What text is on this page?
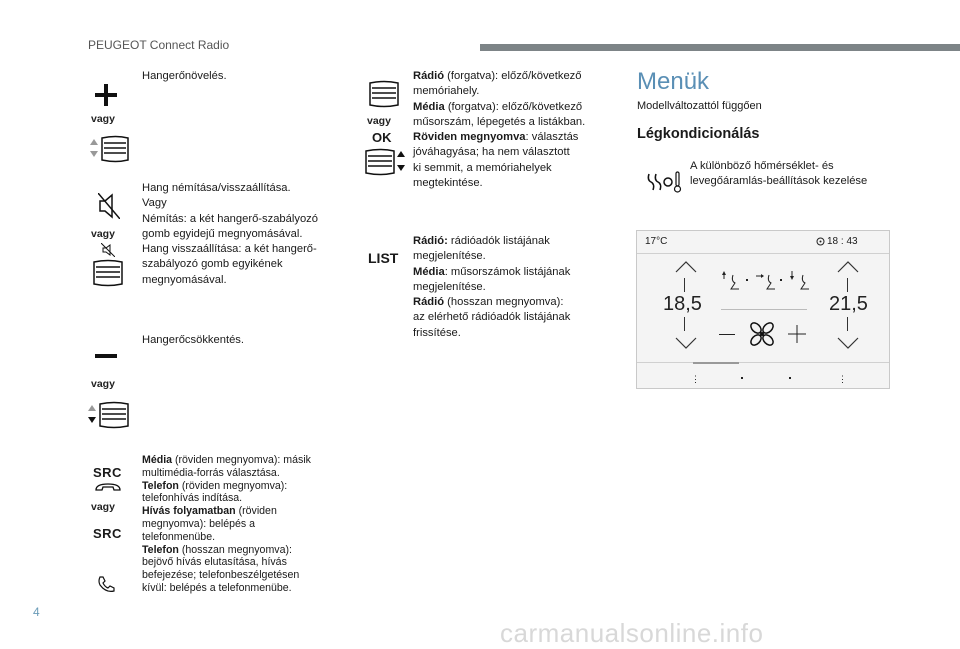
PEUGEOT Connect Radio
vagy
Hangerőnövelés.
vagy
Hang némítása/visszaállítása.
Vagy
Némítás: a két hangerő-szabályozó
gomb egyidejű megnyomásával.
Hang visszaállítása: a két hangerő-
szabályozó gomb egyikének
megnyomásával.
vagy
Hangerőcsökkentés.
SRC
vagy
SRC
Média (röviden megnyomva): másik
multimédia-forrás választása.
Telefon (röviden megnyomva):
telefonhívás indítása.
Hívás folyamatban (röviden
megnyomva): belépés a
telefonmenübe.
Telefon (hosszan megnyomva):
bejövő hívás elutasítása, hívás
befejezése; telefonbeszélgetésen
kívül: belépés a telefonmenübe.
vagy
OK
Rádió (forgatva): előző/következő
memóriahely.
Média (forgatva): előző/következő
műsorszám, lépegetés a listákban.
Röviden megnyomva: választás
jóváhagyása; ha nem választott
ki semmit, a memóriahelyek
megtekintése.
LIST
Rádió: rádióadók listájának
megjelenítése.
Média: műsorszámok listájának
megjelenítése.
Rádió (hosszan megnyomva):
az elérhető rádióadók listájának
frissítése.
Menük
Modellváltozattól függően
Légkondicionálás
A különböző hőmérséklet- és levegőáramlás-beállítások kezelése
17°C	18 : 43
18,5	21,5
⋮	⋮
4
carmanualsonline.info
